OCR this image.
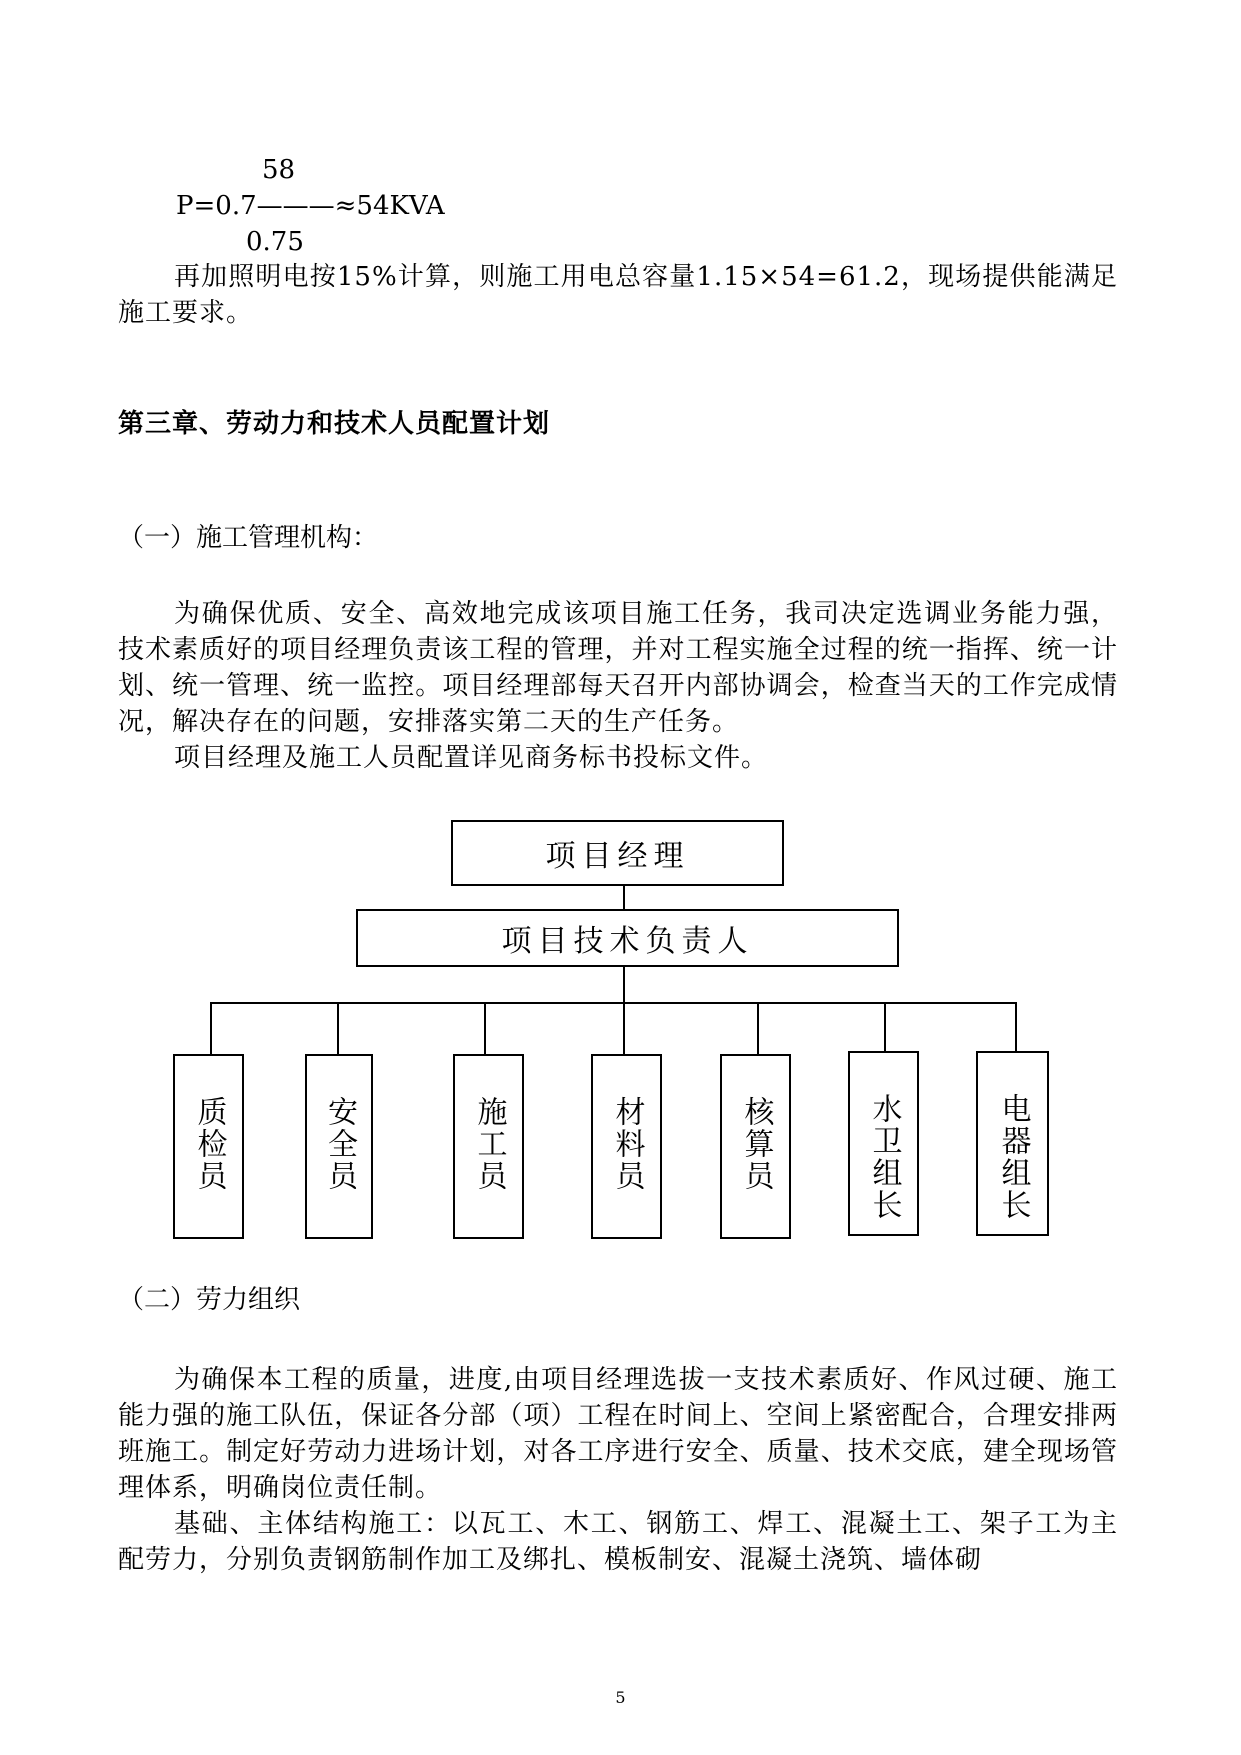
58
P=0.7———≈54KVA
0.75
再加照明电按15%计算，则施工用电总容量1.15×54=61.2，现场提供能满足施工要求。
第三章、劳动力和技术人员配置计划
（一）施工管理机构：
为确保优质、安全、高效地完成该项目施工任务，我司决定选调业务能力强，技术素质好的项目经理负责该工程的管理，并对工程实施全过程的统一指挥、统一计划、统一管理、统一监控。项目经理部每天召开内部协调会，检查当天的工作完成情况，解决存在的问题，安排落实第二天的生产任务。
项目经理及施工人员配置详见商务标书投标文件。
项目经理
项目技术负责人
质检员	安全员	施工员	材料员	核算员	水卫组长	电器组长
（二）劳力组织
为确保本工程的质量，进度,由项目经理选拔一支技术素质好、作风过硬、施工能力强的施工队伍，保证各分部（项）工程在时间上、空间上紧密配合，合理安排两班施工。制定好劳动力进场计划，对各工序进行安全、质量、技术交底，建全现场管理体系，明确岗位责任制。
基础、主体结构施工：以瓦工、木工、钢筋工、焊工、混凝土工、架子工为主配劳力，分别负责钢筋制作加工及绑扎、模板制安、混凝土浇筑、墙体砌
5
